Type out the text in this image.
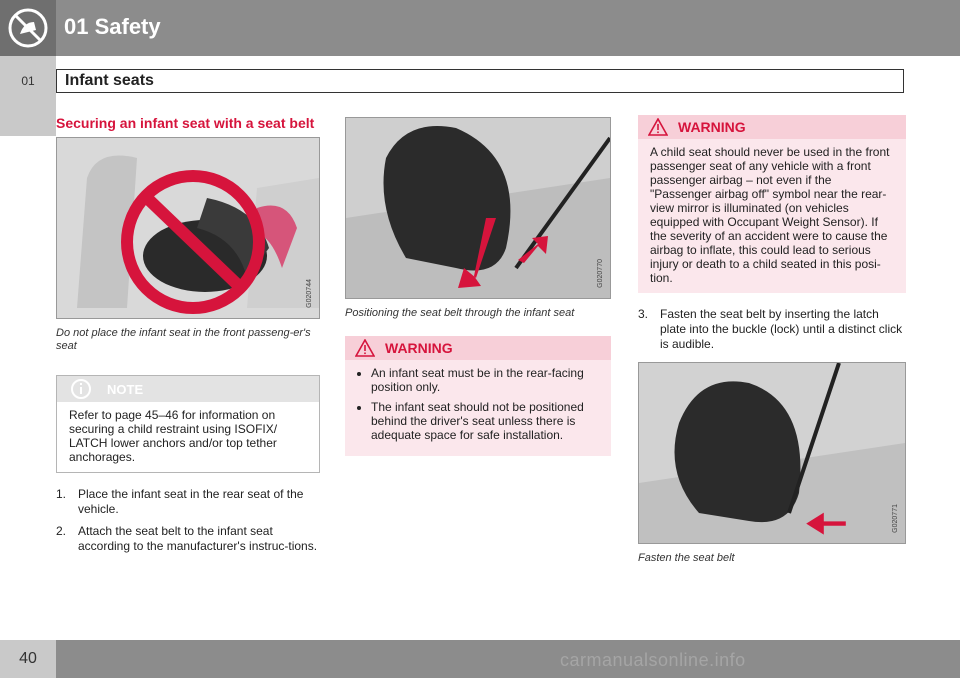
01 Safety
01	Infant seats
Securing an infant seat with a seat belt
G020744
Do not place the infant seat in the front passeng-er's seat
NOTE
Refer to page 45–46 for information on securing a child restraint using ISOFIX/ LATCH lower anchors and/or top tether anchorages.
1. Place the infant seat in the rear seat of the vehicle.
2. Attach the seat belt to the infant seat according to the manufacturer's instruc-tions.
G020770
Positioning the seat belt through the infant seat
WARNING
• An infant seat must be in the rear-facing position only.
• The infant seat should not be positioned behind the driver's seat unless there is adequate space for safe installation.
WARNING
A child seat should never be used in the front passenger seat of any vehicle with a front passenger airbag – not even if the "Passenger airbag off" symbol near the rear-view mirror is illuminated (on vehicles equipped with Occupant Weight Sensor). If the severity of an accident were to cause the airbag to inflate, this could lead to serious injury or death to a child seated in this posi-tion.
3. Fasten the seat belt by inserting the latch plate into the buckle (lock) until a distinct click is audible.
G020771
Fasten the seat belt
40	carmanualsonline.info
